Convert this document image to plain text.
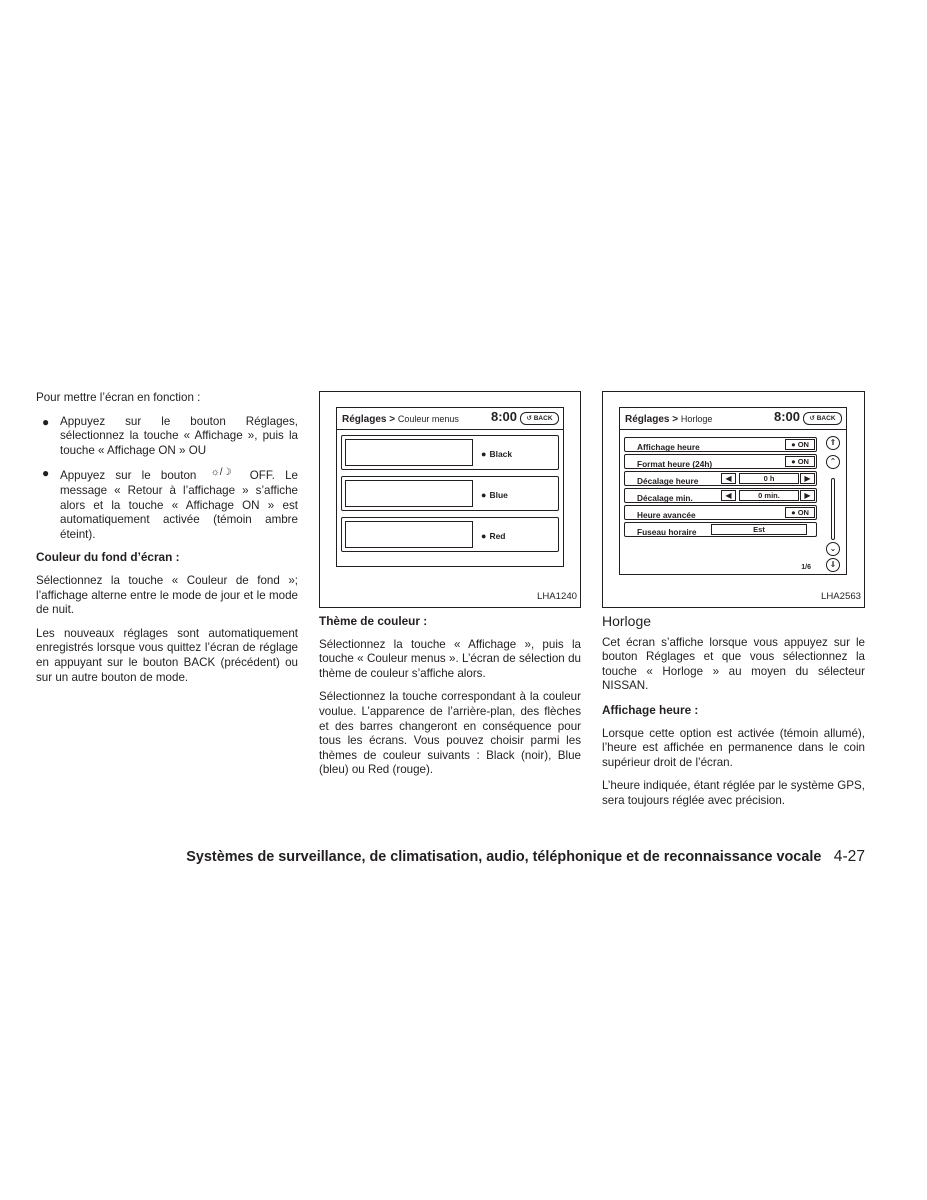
Pour mettre l’écran en fonction :

● Appuyez sur le bouton Réglages, sélectionnez la touche « Affichage », puis la touche « Affichage ON » OU
● Appuyez sur le bouton ☼/☽ OFF. Le message « Retour à l’affichage » s’affiche alors et la touche « Affichage ON » est automatiquement activée (témoin ambre éteint).
Couleur du fond d’écran :

Sélectionnez la touche « Couleur de fond »; l’affichage alterne entre le mode de jour et le mode de nuit.

Les nouveaux réglages sont automatiquement enregistrés lorsque vous quittez l’écran de réglage en appuyant sur le bouton BACK (précédent) ou sur un autre bouton de mode.

Réglages > Couleur menus 8:00	↺ BACK
● Black
● Blue
● Red
LHA1240
Thème de couleur :

Sélectionnez la touche « Affichage », puis la touche « Couleur menus ». L’écran de sélection du thème de couleur s’affiche alors.

Sélectionnez la touche correspondant à la couleur voulue. L’apparence de l’arrière-plan, des flèches et des barres changeront en conséquence pour tous les écrans. Vous pouvez choisir parmi les thèmes de couleur suivants : Black (noir), Blue (bleu) ou Red (rouge).

Réglages > Horloge	8:00	↺ BACK
Affichage heure	● ON
Format heure (24h)	● ON
Décalage heure	◀	0 h	▶
Décalage min.	◀	0 min.	▶
Heure avancée	● ON
Fuseau horaire	Est
1/6
⇑
⌃
⌄
⇓
LHA2563
Horloge

Cet écran s’affiche lorsque vous appuyez sur le bouton Réglages et que vous sélectionnez la touche « Horloge » au moyen du sélecteur NISSAN.

Affichage heure :

Lorsque cette option est activée (témoin allumé), l’heure est affichée en permanence dans le coin supérieur droit de l’écran.

L’heure indiquée, étant réglée par le système GPS, sera toujours réglée avec précision.

Systèmes de surveillance, de climatisation, audio, téléphonique et de reconnaissance vocale 4-27
